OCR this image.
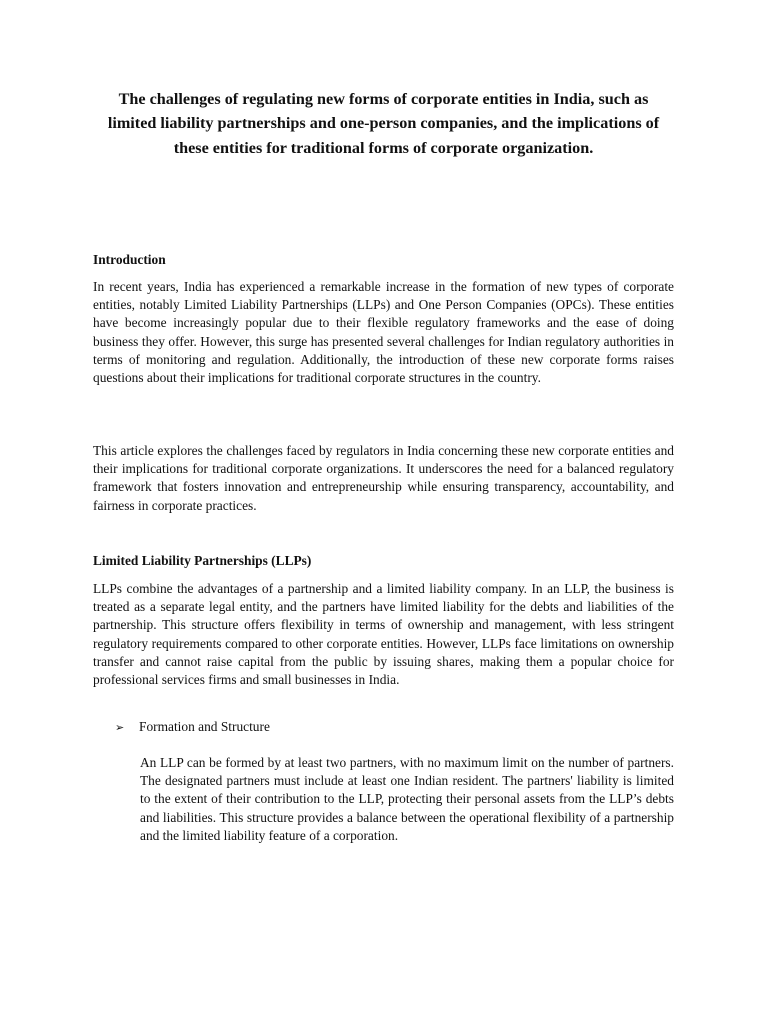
The challenges of regulating new forms of corporate entities in India, such as limited liability partnerships and one-person companies, and the implications of these entities for traditional forms of corporate organization.
Introduction

In recent years, India has experienced a remarkable increase in the formation of new types of corporate entities, notably Limited Liability Partnerships (LLPs) and One Person Companies (OPCs). These entities have become increasingly popular due to their flexible regulatory frameworks and the ease of doing business they offer. However, this surge has presented several challenges for Indian regulatory authorities in terms of monitoring and regulation. Additionally, the introduction of these new corporate forms raises questions about their implications for traditional corporate structures in the country.

This article explores the challenges faced by regulators in India concerning these new corporate entities and their implications for traditional corporate organizations. It underscores the need for a balanced regulatory framework that fosters innovation and entrepreneurship while ensuring transparency, accountability, and fairness in corporate practices.

Limited Liability Partnerships (LLPs)

LLPs combine the advantages of a partnership and a limited liability company. In an LLP, the business is treated as a separate legal entity, and the partners have limited liability for the debts and liabilities of the partnership. This structure offers flexibility in terms of ownership and management, with less stringent regulatory requirements compared to other corporate entities. However, LLPs face limitations on ownership transfer and cannot raise capital from the public by issuing shares, making them a popular choice for professional services firms and small businesses in India.

➢ Formation and Structure

An LLP can be formed by at least two partners, with no maximum limit on the number of partners. The designated partners must include at least one Indian resident. The partners' liability is limited to the extent of their contribution to the LLP, protecting their personal assets from the LLP’s debts and liabilities. This structure provides a balance between the operational flexibility of a partnership and the limited liability feature of a corporation.
